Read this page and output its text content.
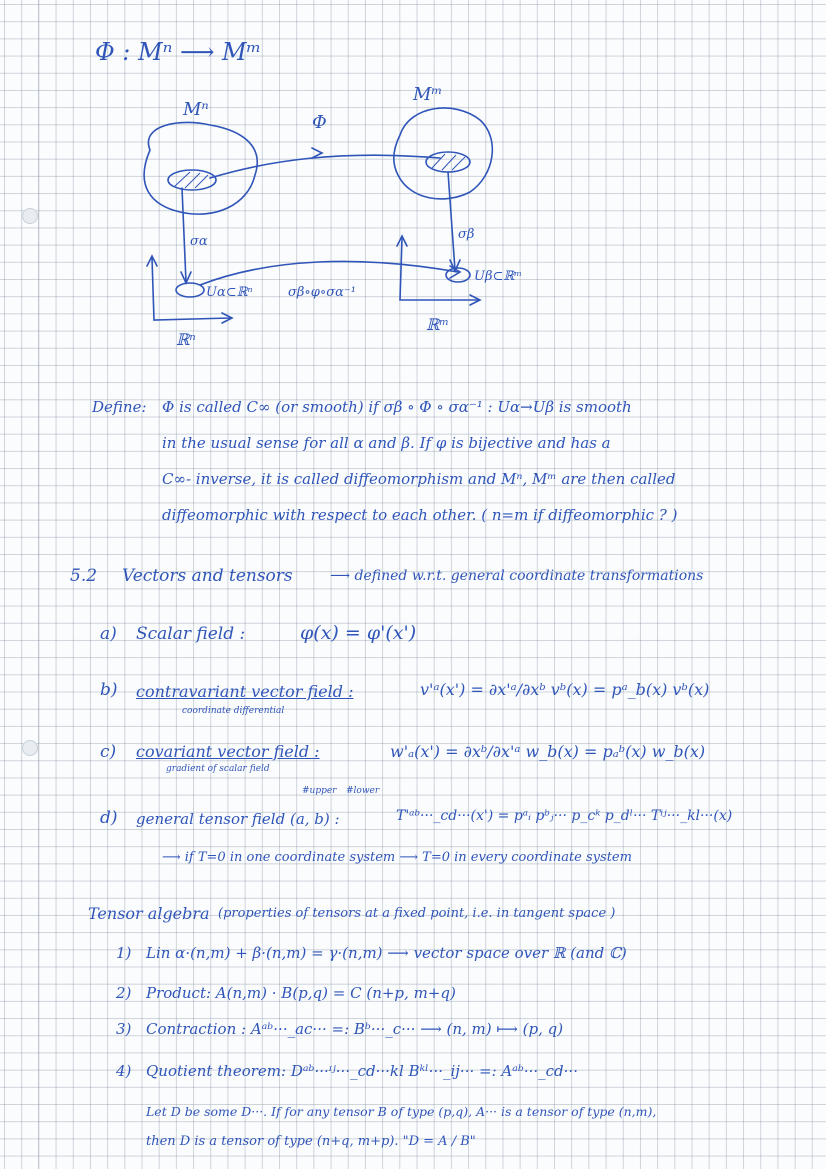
Φ : Mⁿ ⟶ Mᵐ
Mⁿ
Mᵐ
Φ
σα	σβ
Uα⊂ℝⁿ
Uβ⊂ℝᵐ
σβ∘φ∘σα⁻¹
ℝⁿ
ℝᵐ
Define: Φ is called C∞ (or smooth) if σβ ∘ Φ ∘ σα⁻¹ : Uα→Uβ is smooth
in the usual sense for all α and β. If φ is bijective and has a
C∞- inverse, it is called diffeomorphism and Mⁿ, Mᵐ are then called
diffeomorphic with respect to each other. ( n=m if diffeomorphic ? )
5.2 Vectors and tensors	⟶ defined w.r.t. general coordinate transformations
a) Scalar field :	φ(x) = φ'(x')
b) contravariant vector field :
coordinate differential
v'ᵃ(x') = ∂x'ᵃ/∂xᵇ vᵇ(x) = pᵃ_b(x) vᵇ(x)
c) covariant vector field :
gradient of scalar field
w'ₐ(x') = ∂xᵇ/∂x'ᵃ w_b(x) = pₐᵇ(x) w_b(x)
#upper #lower
d) general tensor field (a, b) :	T'ᵃᵇ···_cd···(x') = pᵃᵢ pᵇⱼ··· p_cᵏ p_dˡ··· Tⁱʲ···_kl···(x)
⟶ if T=0 in one coordinate system ⟶ T=0 in every coordinate system
Tensor algebra (properties of tensors at a fixed point, i.e. in tangent space )
1) Lin α·(n,m) + β·(n,m) = γ·(n,m) ⟶ vector space over ℝ (and ℂ)
2) Product: A(n,m) · B(p,q) = C (n+p, m+q)
3) Contraction : Aᵃᵇ···_ac··· =: Bᵇ···_c··· ⟶ (n, m) ⟼ (p, q)
4) Quotient theorem: Dᵃᵇ···ᶦʲ···_cd···kl Bᵏˡ···_ij··· =: Aᵃᵇ···_cd···
Let D be some D···. If for any tensor B of type (p,q), A··· is a tensor of type (n,m),
then D is a tensor of type (n+q, m+p). "D = A / B"
